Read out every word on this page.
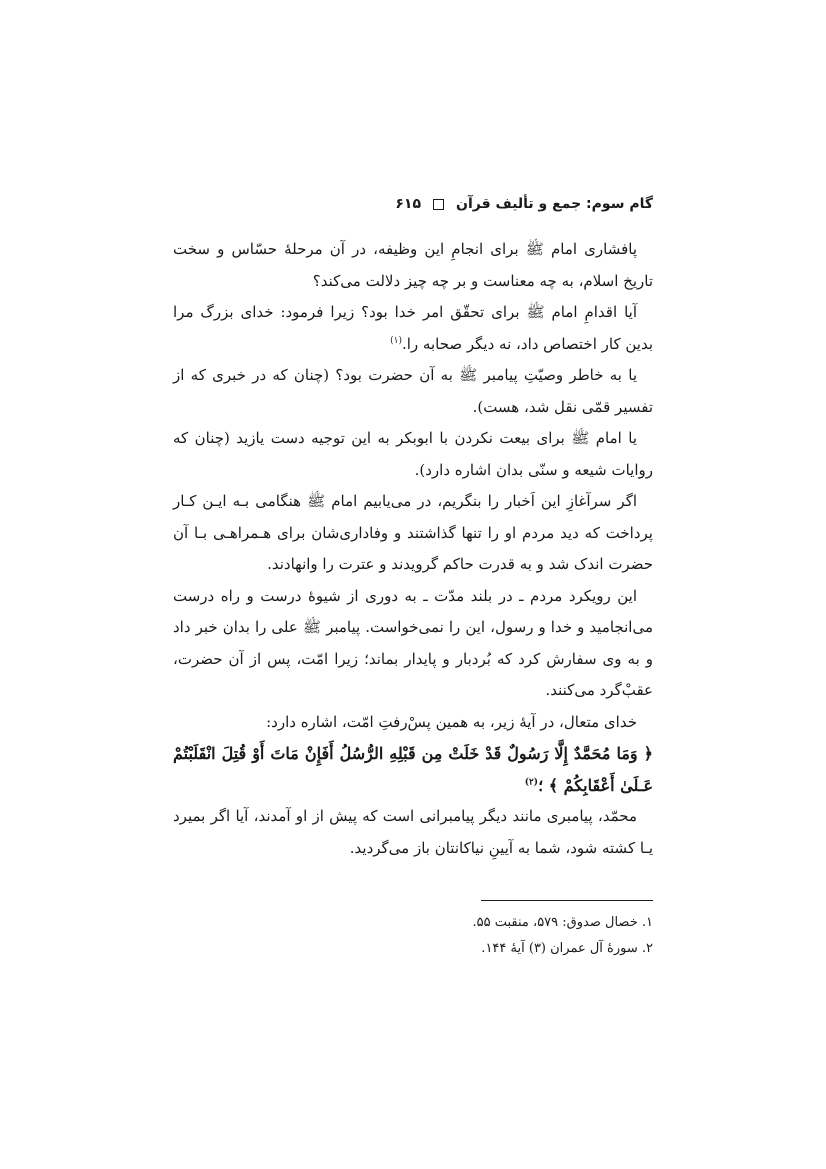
گام سوم: جمع و تألیف قرآن
۶۱۵

پافشاری امام ﷺ برای انجامِ این وظیفه، در آن مرحلهٔ حسّاس و سخت تاریخ اسلام، به چه معناست و بر چه چیز دلالت می‌کند؟

آیا اقدامِ امام ﷺ برای تحقّق امر خدا بود؟ زیرا فرمود: خدای بزرگ مرا بدین کار اختصاص داد، نه دیگر صحابه را.$^{(۱)}$

یا به خاطر وصیّتِ پیامبر ﷺ به آن حضرت بود؟ (چنان که در خبری که از تفسیر قمّی نقل شد، هست).

یا امام ﷺ برای بیعت نکردن با ابوبکر به این توجیه دست یازید (چنان که روایات شیعه و سنّی بدان اشاره دارد).

اگر سرآغازِ این اَخبار را بنگریم، در می‌یابیم امام ﷺ هنگامی بـه ایـن کـار پرداخت که دید مردم او را تنها گذاشتند و وفاداری‌شان برای هـمراهـی بـا آن حضرت اندک شد و به قدرت حاکم گرویدند و عترت را وانهادند.

این رویکرد مردم ـ در بلند مدّت ـ به دوری از شیوهٔ درست و راه درست می‌انجامید و خدا و رسول، این را نمی‌خواست. پیامبر ﷺ علی را بدان خبر داد و به وی سفارش کرد که بُردبار و پایدار بماند؛ زیرا امّت، پس از آن حضرت، عقبْ‌گرد می‌کنند.

خدای متعال، در آیهٔ زیر، به همین پسْ‌رفتِ امّت، اشاره دارد:

﴿ وَمَا مُحَمَّدٌ إِلَّا رَسُولٌ قَدْ خَلَتْ مِن قَبْلِهِ الرُّسُلُ أَفَإِنْ مَاتَ أَوْ قُتِلَ انْقَلَبْتُمْ عَـلَىٰ أَعْقَابِكُمْ ﴾ ؛$^{(۲)}$

محمّد، پیامبری مانند دیگر پیامبرانی است که پیش از او آمدند، آیا اگر بمیرد یـا کشته شود، شما به آیینِ نیاکانتان باز می‌گردید.

۱. خصال صدوق: ۵۷۹، منقبت ۵۵.
۲. سورهٔ آل عمران (۳) آیهٔ ۱۴۴.
